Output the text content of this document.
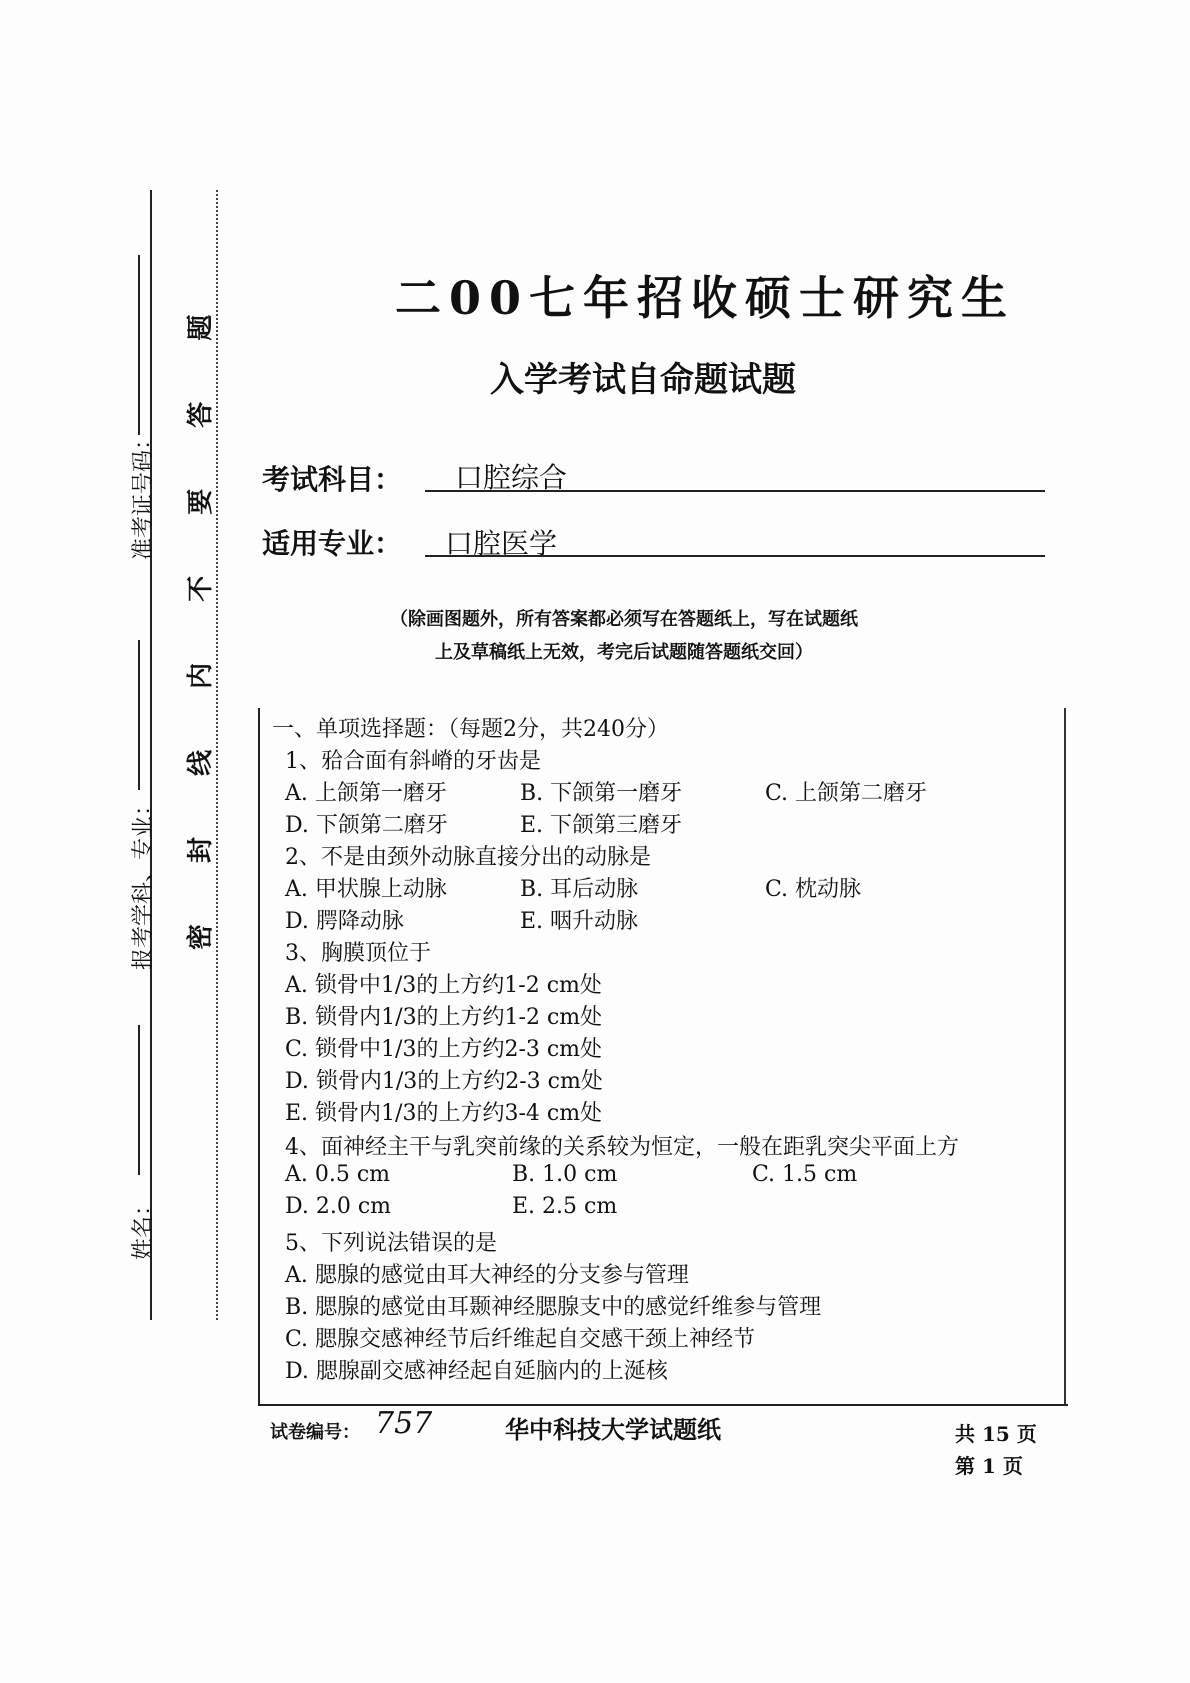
准考证号码：
报考学科、专业：
姓名：
密 封 线 内 不 要 答 题	二00七年招收硕士研究生
入学考试自命题试题
考试科目： 口腔综合
适用专业： 口腔医学
（除画图题外，所有答案都必须写在答题纸上，写在试题纸
上及草稿纸上无效，考完后试题随答题纸交回）
一、单项选择题：（每题2分，共240分）
1、𬌗合面有斜嵴的牙齿是
A. 上颌第一磨牙	B. 下颌第一磨牙	C. 上颌第二磨牙
D. 下颌第二磨牙	E. 下颌第三磨牙
2、不是由颈外动脉直接分出的动脉是
A. 甲状腺上动脉	B. 耳后动脉	C. 枕动脉
D. 腭降动脉	E. 咽升动脉
3、胸膜顶位于
A. 锁骨中1/3的上方约1-2 cm处
B. 锁骨内1/3的上方约1-2 cm处
C. 锁骨中1/3的上方约2-3 cm处
D. 锁骨内1/3的上方约2-3 cm处
E. 锁骨内1/3的上方约3-4 cm处
4、面神经主干与乳突前缘的关系较为恒定，一般在距乳突尖平面上方
A. 0.5 cm	B. 1.0 cm	C. 1.5 cm
D. 2.0 cm	E. 2.5 cm
5、下列说法错误的是
A. 腮腺的感觉由耳大神经的分支参与管理
B. 腮腺的感觉由耳颞神经腮腺支中的感觉纤维参与管理
C. 腮腺交感神经节后纤维起自交感干颈上神经节
D. 腮腺副交感神经起自延脑内的上涎核
试卷编号： 757	华中科技大学试题纸	共 15 页
第 1 页
